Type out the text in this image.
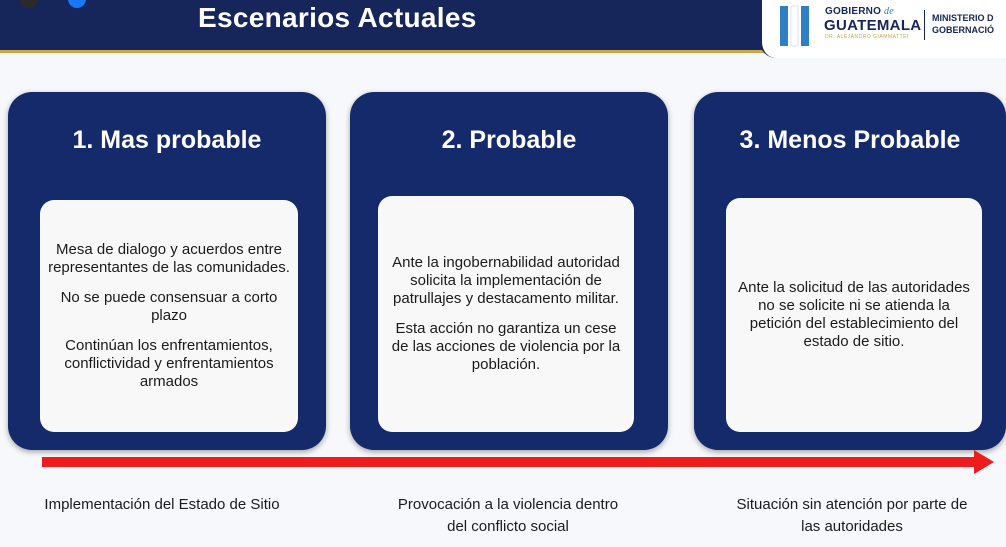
Escenarios Actuales	GOBIERNO de
GUATEMALA
DR. ALEJANDRO GIAMMATTEI
MINISTERIO D
GOBERNACIÓ
1. Mas probable

Mesa de dialogo y acuerdos entre representantes de las comunidades.

No se puede consensuar a corto plazo

Continúan los enfrentamientos, conflictividad y enfrentamientos armados

2. Probable

Ante la ingobernabilidad autoridad solicita la implementación de patrullajes y destacamento militar.

Esta acción no garantiza un cese de las acciones de violencia por la población.

3. Menos Probable

Ante la solicitud de las autoridades no se solicite ni se atienda la petición del establecimiento del estado de sitio.

Implementación del Estado de Sitio	Provocación a la violencia dentro del conflicto social
Situación sin atención por parte de las autoridades
